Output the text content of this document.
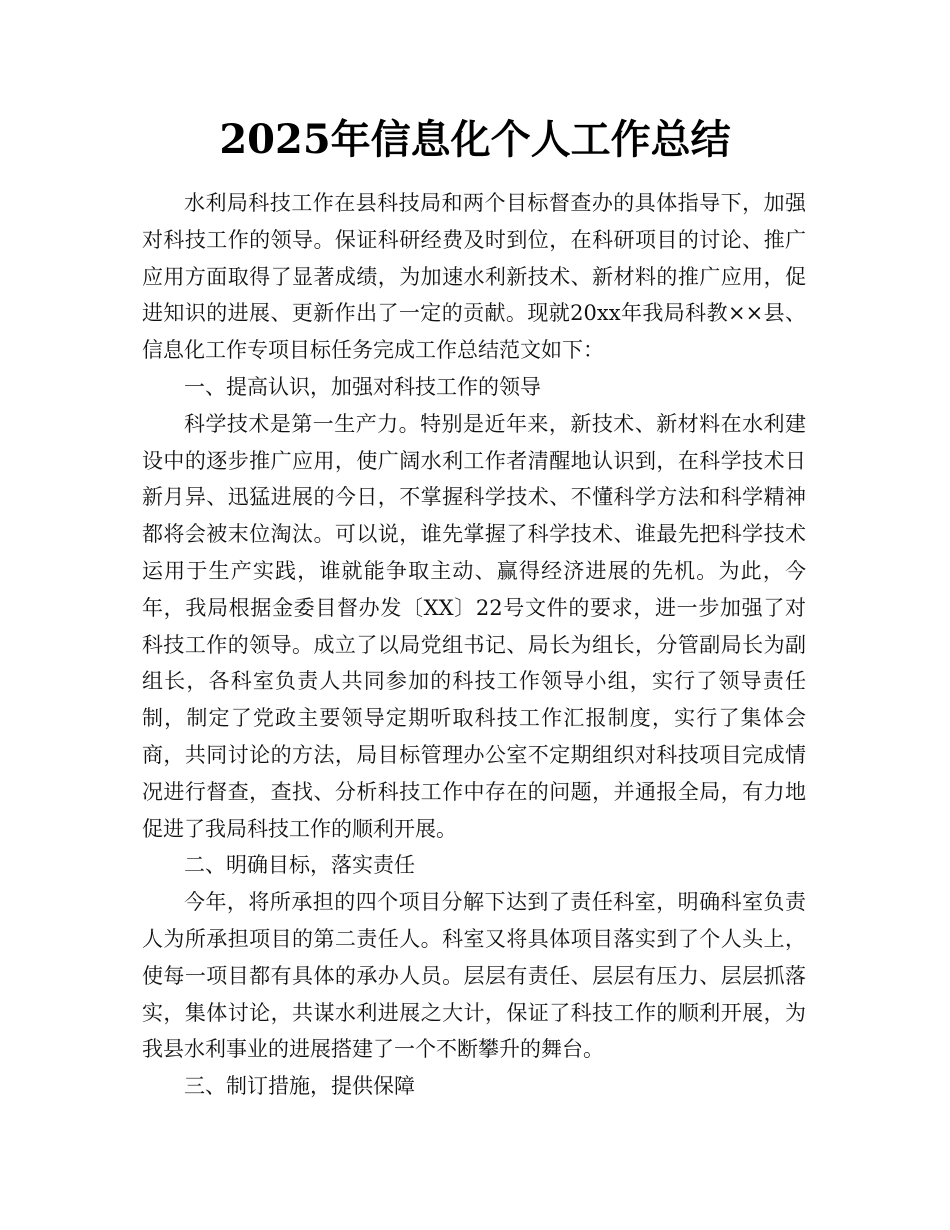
2025年信息化个人工作总结

水利局科技工作在县科技局和两个目标督查办的具体指导下，加强对科技工作的领导。保证科研经费及时到位，在科研项目的讨论、推广应用方面取得了显著成绩，为加速水利新技术、新材料的推广应用，促进知识的进展、更新作出了一定的贡献。现就20xx年我局科教××县、信息化工作专项目标任务完成工作总结范文如下：

一、提高认识，加强对科技工作的领导

科学技术是第一生产力。特别是近年来，新技术、新材料在水利建设中的逐步推广应用，使广阔水利工作者清醒地认识到，在科学技术日新月异、迅猛进展的今日，不掌握科学技术、不懂科学方法和科学精神都将会被末位淘汰。可以说，谁先掌握了科学技术、谁最先把科学技术运用于生产实践，谁就能争取主动、赢得经济进展的先机。为此，今年，我局根据金委目督办发〔XX〕22号文件的要求，进一步加强了对科技工作的领导。成立了以局党组书记、局长为组长，分管副局长为副组长，各科室负责人共同参加的科技工作领导小组，实行了领导责任制，制定了党政主要领导定期听取科技工作汇报制度，实行了集体会商，共同讨论的方法，局目标管理办公室不定期组织对科技项目完成情况进行督查，查找、分析科技工作中存在的问题，并通报全局，有力地促进了我局科技工作的顺利开展。

二、明确目标，落实责任

今年，将所承担的四个项目分解下达到了责任科室，明确科室负责人为所承担项目的第二责任人。科室又将具体项目落实到了个人头上，使每一项目都有具体的承办人员。层层有责任、层层有压力、层层抓落实，集体讨论，共谋水利进展之大计，保证了科技工作的顺利开展，为我县水利事业的进展搭建了一个不断攀升的舞台。

三、制订措施，提供保障
